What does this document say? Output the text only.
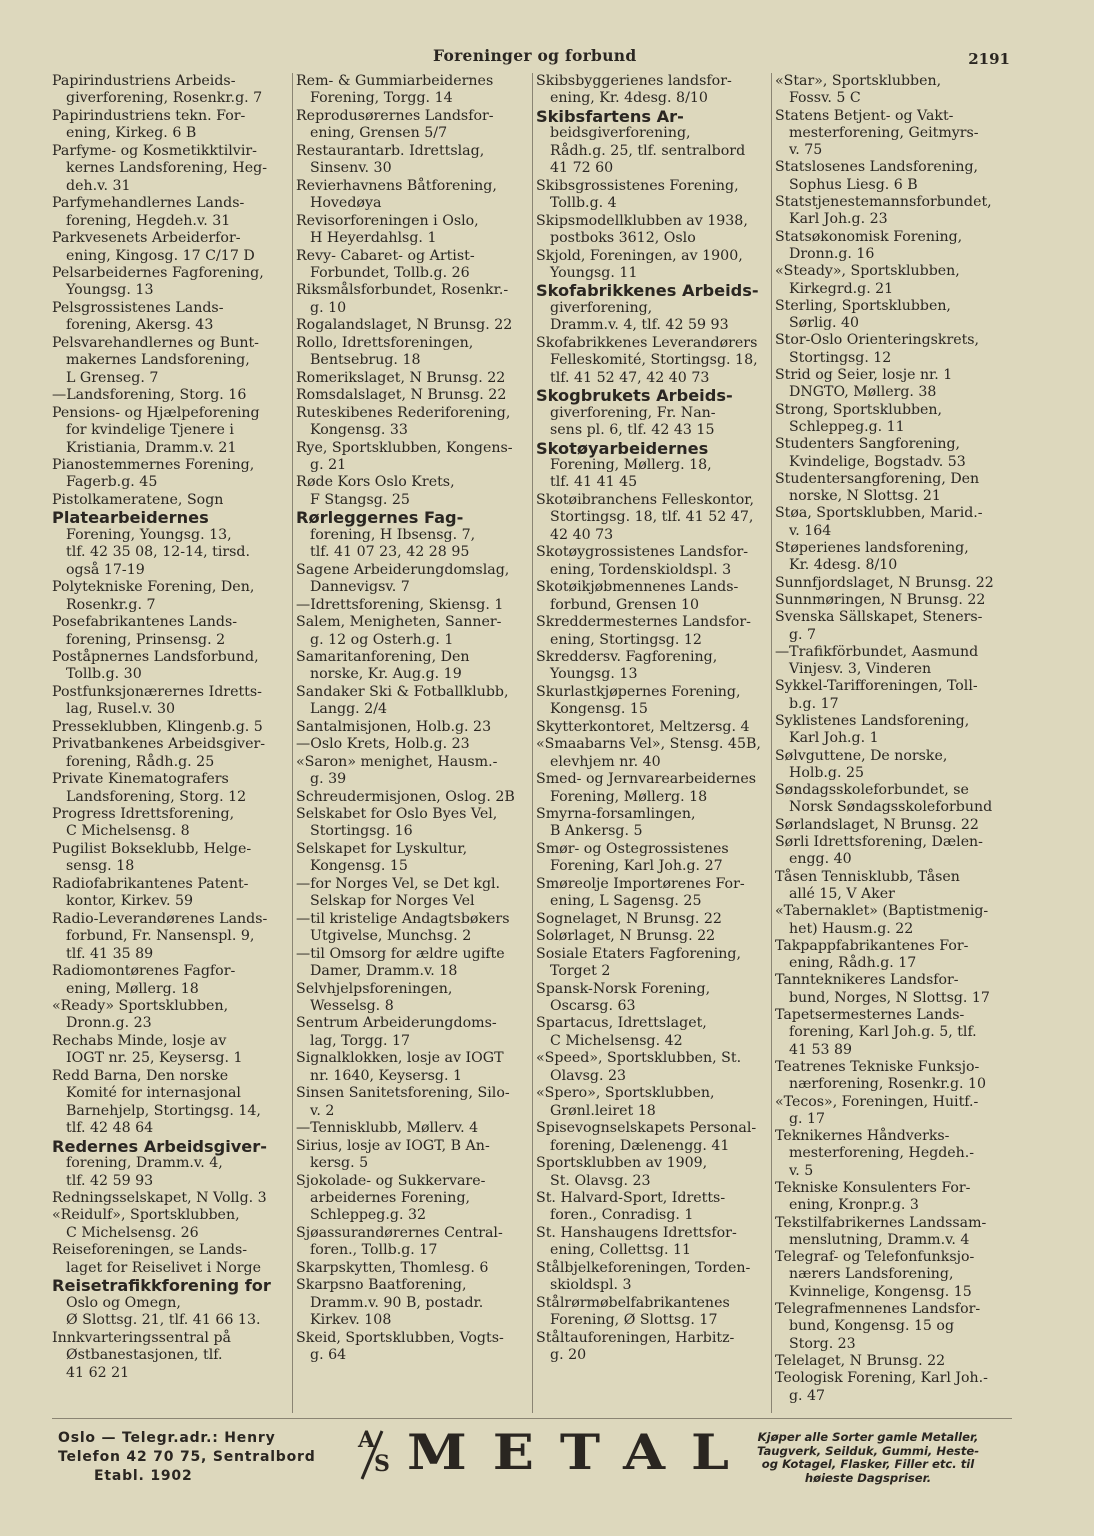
Foreninger og forbund	2191
Papirindustriens Arbeids-
giverforening, Rosenkr.g. 7
Papirindustriens tekn. For-
ening, Kirkeg. 6 B
Parfyme- og Kosmetikktilvir-
kernes Landsforening, Heg-
deh.v. 31
Parfymehandlernes Lands-
forening, Hegdeh.v. 31
Parkvesenets Arbeiderfor-
ening, Kingosg. 17 C/17 D
Pelsarbeidernes Fagforening,
Youngsg. 13
Pelsgrossistenes Lands-
forening, Akersg. 43
Pelsvarehandlernes og Bunt-
makernes Landsforening,
L Grenseg. 7
—Landsforening, Storg. 16
Pensions- og Hjælpeforening
for kvindelige Tjenere i
Kristiania, Dramm.v. 21
Pianostemmernes Forening,
Fagerb.g. 45
Pistolkameratene, Sogn
Platearbeidernes
Forening, Youngsg. 13,
tlf. 42 35 08, 12-14, tirsd.
også 17-19
Polytekniske Forening, Den,
Rosenkr.g. 7
Posefabrikantenes Lands-
forening, Prinsensg. 2
Poståpnernes Landsforbund,
Tollb.g. 30
Postfunksjonærernes Idretts-
lag, Rusel.v. 30
Presseklubben, Klingenb.g. 5
Privatbankenes Arbeidsgiver-
forening, Rådh.g. 25
Private Kinematografers
Landsforening, Storg. 12
Progress Idrettsforening,
C Michelsensg. 8
Pugilist Bokseklubb, Helge-
sensg. 18
Radiofabrikantenes Patent-
kontor, Kirkev. 59
Radio-Leverandørenes Lands-
forbund, Fr. Nansenspl. 9,
tlf. 41 35 89
Radiomontørenes Fagfor-
ening, Møllerg. 18
«Ready» Sportsklubben,
Dronn.g. 23
Rechabs Minde, losje av
IOGT nr. 25, Keysersg. 1
Redd Barna, Den norske
Komité for internasjonal
Barnehjelp, Stortingsg. 14,
tlf. 42 48 64
Redernes Arbeidsgiver-
forening, Dramm.v. 4,
tlf. 42 59 93
Redningsselskapet, N Vollg. 3
«Reidulf», Sportsklubben,
C Michelsensg. 26
Reiseforeningen, se Lands-
laget for Reiselivet i Norge
Reisetrafikkforening for
Oslo og Omegn,
Ø Slottsg. 21, tlf. 41 66 13.
Innkvarteringssentral på
Østbanestasjonen, tlf.
41 62 21
Rem- & Gummiarbeidernes
Forening, Torgg. 14
Reprodusørernes Landsfor-
ening, Grensen 5/7
Restaurantarb. Idrettslag,
Sinsenv. 30
Revierhavnens Båtforening,
Hovedøya
Revisorforeningen i Oslo,
H Heyerdahlsg. 1
Revy- Cabaret- og Artist-
Forbundet, Tollb.g. 26
Riksmålsforbundet, Rosenkr.-
g. 10
Rogalandslaget, N Brunsg. 22
Rollo, Idrettsforeningen,
Bentsebrug. 18
Romerikslaget, N Brunsg. 22
Romsdalslaget, N Brunsg. 22
Ruteskibenes Rederiforening,
Kongensg. 33
Rye, Sportsklubben, Kongens-
g. 21
Røde Kors Oslo Krets,
F Stangsg. 25
Rørleggernes Fag-
forening, H Ibsensg. 7,
tlf. 41 07 23, 42 28 95
Sagene Arbeiderungdomslag,
Dannevigsv. 7
—Idrettsforening, Skiensg. 1
Salem, Menigheten, Sanner-
g. 12 og Osterh.g. 1
Samaritanforening, Den
norske, Kr. Aug.g. 19
Sandaker Ski & Fotballklubb,
Langg. 2/4
Santalmisjonen, Holb.g. 23
—Oslo Krets, Holb.g. 23
«Saron» menighet, Hausm.-
g. 39
Schreudermisjonen, Oslog. 2B
Selskabet for Oslo Byes Vel,
Stortingsg. 16
Selskapet for Lyskultur,
Kongensg. 15
—for Norges Vel, se Det kgl.
Selskap for Norges Vel
—til kristelige Andagtsbøkers
Utgivelse, Munchsg. 2
—til Omsorg for ældre ugifte
Damer, Dramm.v. 18
Selvhjelpsforeningen,
Wesselsg. 8
Sentrum Arbeiderungdoms-
lag, Torgg. 17
Signalklokken, losje av IOGT
nr. 1640, Keysersg. 1
Sinsen Sanitetsforening, Silo-
v. 2
—Tennisklubb, Møllerv. 4
Sirius, losje av IOGT, B An-
kersg. 5
Sjokolade- og Sukkervare-
arbeidernes Forening,
Schleppeg.g. 32
Sjøassurandørernes Central-
foren., Tollb.g. 17
Skarpskytten, Thomlesg. 6
Skarpsno Baatforening,
Dramm.v. 90 B, postadr.
Kirkev. 108
Skeid, Sportsklubben, Vogts-
g. 64
Skibsbyggerienes landsfor-
ening, Kr. 4desg. 8/10
Skibsfartens Ar-
beidsgiverforening,
Rådh.g. 25, tlf. sentralbord
41 72 60
Skibsgrossistenes Forening,
Tollb.g. 4
Skipsmodellklubben av 1938,
postboks 3612, Oslo
Skjold, Foreningen, av 1900,
Youngsg. 11
Skofabrikkenes Arbeids-
giverforening,
Dramm.v. 4, tlf. 42 59 93
Skofabrikkenes Leverandørers
Felleskomité, Stortingsg. 18,
tlf. 41 52 47, 42 40 73
Skogbrukets Arbeids-
giverforening, Fr. Nan-
sens pl. 6, tlf. 42 43 15
Skotøyarbeidernes
Forening, Møllerg. 18,
tlf. 41 41 45
Skotøibranchens Felleskontor,
Stortingsg. 18, tlf. 41 52 47,
42 40 73
Skotøygrossistenes Landsfor-
ening, Tordenskioldspl. 3
Skotøikjøbmennenes Lands-
forbund, Grensen 10
Skreddermesternes Landsfor-
ening, Stortingsg. 12
Skreddersv. Fagforening,
Youngsg. 13
Skurlastkjøpernes Forening,
Kongensg. 15
Skytterkontoret, Meltzersg. 4
«Smaabarns Vel», Stensg. 45B,
elevhjem nr. 40
Smed- og Jernvarearbeidernes
Forening, Møllerg. 18
Smyrna-forsamlingen,
B Ankersg. 5
Smør- og Ostegrossistenes
Forening, Karl Joh.g. 27
Smøreolje Importørenes For-
ening, L Sagensg. 25
Sognelaget, N Brunsg. 22
Solørlaget, N Brunsg. 22
Sosiale Etaters Fagforening,
Torget 2
Spansk-Norsk Forening,
Oscarsg. 63
Spartacus, Idrettslaget,
C Michelsensg. 42
«Speed», Sportsklubben, St.
Olavsg. 23
«Spero», Sportsklubben,
Grønl.leiret 18
Spisevognselskapets Personal-
forening, Dælenengg. 41
Sportsklubben av 1909,
St. Olavsg. 23
St. Halvard-Sport, Idretts-
foren., Conradisg. 1
St. Hanshaugens Idrettsfor-
ening, Collettsg. 11
Stålbjelkeforeningen, Torden-
skioldspl. 3
Stålrørmøbelfabrikantenes
Forening, Ø Slottsg. 17
Ståltauforeningen, Harbitz-
g. 20
«Star», Sportsklubben,
Fossv. 5 C
Statens Betjent- og Vakt-
mesterforening, Geitmyrs-
v. 75
Statslosenes Landsforening,
Sophus Liesg. 6 B
Statstjenestemannsforbundet,
Karl Joh.g. 23
Statsøkonomisk Forening,
Dronn.g. 16
«Steady», Sportsklubben,
Kirkegrd.g. 21
Sterling, Sportsklubben,
Sørlig. 40
Stor-Oslo Orienteringskrets,
Stortingsg. 12
Strid og Seier, losje nr. 1
DNGTO, Møllerg. 38
Strong, Sportsklubben,
Schleppeg.g. 11
Studenters Sangforening,
Kvindelige, Bogstadv. 53
Studentersangforening, Den
norske, N Slottsg. 21
Støa, Sportsklubben, Marid.-
v. 164
Støperienes landsforening,
Kr. 4desg. 8/10
Sunnfjordslaget, N Brunsg. 22
Sunnmøringen, N Brunsg. 22
Svenska Sällskapet, Steners-
g. 7
—Trafikförbundet, Aasmund
Vinjesv. 3, Vinderen
Sykkel-Tarifforeningen, Toll-
b.g. 17
Syklistenes Landsforening,
Karl Joh.g. 1
Sølvguttene, De norske,
Holb.g. 25
Søndagsskoleforbundet, se
Norsk Søndagsskoleforbund
Sørlandslaget, N Brunsg. 22
Sørli Idrettsforening, Dælen-
engg. 40
Tåsen Tennisklubb, Tåsen
allé 15, V Aker
«Tabernaklet» (Baptistmenig-
het) Hausm.g. 22
Takpappfabrikantenes For-
ening, Rådh.g. 17
Tannteknikeres Landsfor-
bund, Norges, N Slottsg. 17
Tapetsermesternes Lands-
forening, Karl Joh.g. 5, tlf.
41 53 89
Teatrenes Tekniske Funksjo-
nærforening, Rosenkr.g. 10
«Tecos», Foreningen, Huitf.-
g. 17
Teknikernes Håndverks-
mesterforening, Hegdeh.-
v. 5
Tekniske Konsulenters For-
ening, Kronpr.g. 3
Tekstilfabrikernes Landssam-
menslutning, Dramm.v. 4
Telegraf- og Telefonfunksjo-
nærers Landsforening,
Kvinnelige, Kongensg. 15
Telegrafmennenes Landsfor-
bund, Kongensg. 15 og
Storg. 23
Telelaget, N Brunsg. 22
Teologisk Forening, Karl Joh.-
g. 47
Oslo — Telegr.adr.: Henry
Telefon 42 70 75, Sentralbord
Etabl. 1902
A
S METAL Kjøper alle Sorter gamle Metaller,
Taugverk, Seilduk, Gummi, Heste-
og Kotagel, Flasker, Filler etc. til
høieste Dagspriser.
